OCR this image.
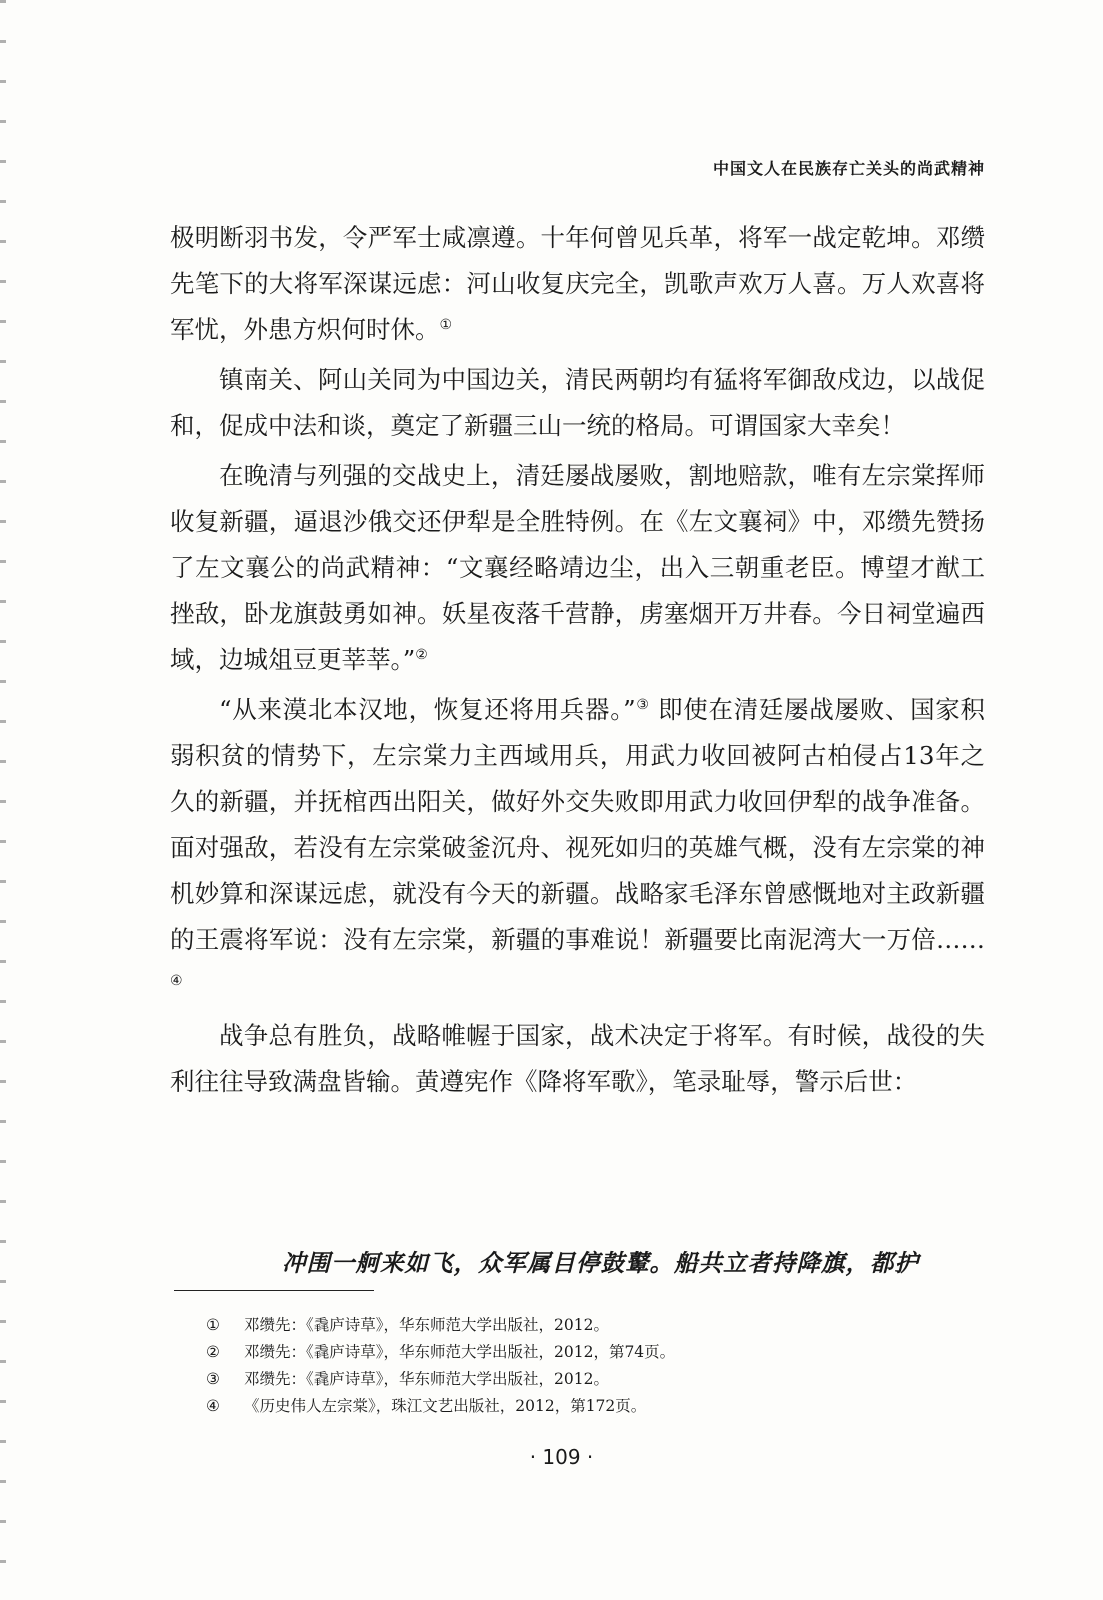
中国文人在民族存亡关头的尚武精神

极明断羽书发，令严军士咸凛遵。十年何曾见兵革，将军一战定乾坤。邓缵先笔下的大将军深谋远虑：河山收复庆完全，凯歌声欢万人喜。万人欢喜将军忧，外患方炽何时休。①

镇南关、阿山关同为中国边关，清民两朝均有猛将军御敌戍边，以战促和，促成中法和谈，奠定了新疆三山一统的格局。可谓国家大幸矣！

在晚清与列强的交战史上，清廷屡战屡败，割地赔款，唯有左宗棠挥师收复新疆，逼退沙俄交还伊犁是全胜特例。在《左文襄祠》中，邓缵先赞扬了左文襄公的尚武精神：“文襄经略靖边尘，出入三朝重老臣。博望才猷工挫敌，卧龙旗鼓勇如神。妖星夜落千营静，虏塞烟开万井春。今日祠堂遍西域，边城俎豆更莘莘。”②

“从来漠北本汉地，恢复还将用兵器。”③ 即使在清廷屡战屡败、国家积弱积贫的情势下，左宗棠力主西域用兵，用武力收回被阿古柏侵占13年之久的新疆，并抚棺西出阳关，做好外交失败即用武力收回伊犁的战争准备。面对强敌，若没有左宗棠破釜沉舟、视死如归的英雄气概，没有左宗棠的神机妙算和深谋远虑，就没有今天的新疆。战略家毛泽东曾感慨地对主政新疆的王震将军说：没有左宗棠，新疆的事难说！新疆要比南泥湾大一万倍……④

战争总有胜负，战略帷幄于国家，战术决定于将军。有时候，战役的失利往往导致满盘皆输。黄遵宪作《降将军歌》，笔录耻辱，警示后世：

冲围一舸来如飞，众军属目停鼓鼙。船共立者持降旗，都护
① 邓缵先：《毳庐诗草》，华东师范大学出版社，2012。
② 邓缵先：《毳庐诗草》，华东师范大学出版社，2012，第74页。
③ 邓缵先：《毳庐诗草》，华东师范大学出版社，2012。
④ 《历史伟人左宗棠》，珠江文艺出版社，2012，第172页。
· 109 ·
